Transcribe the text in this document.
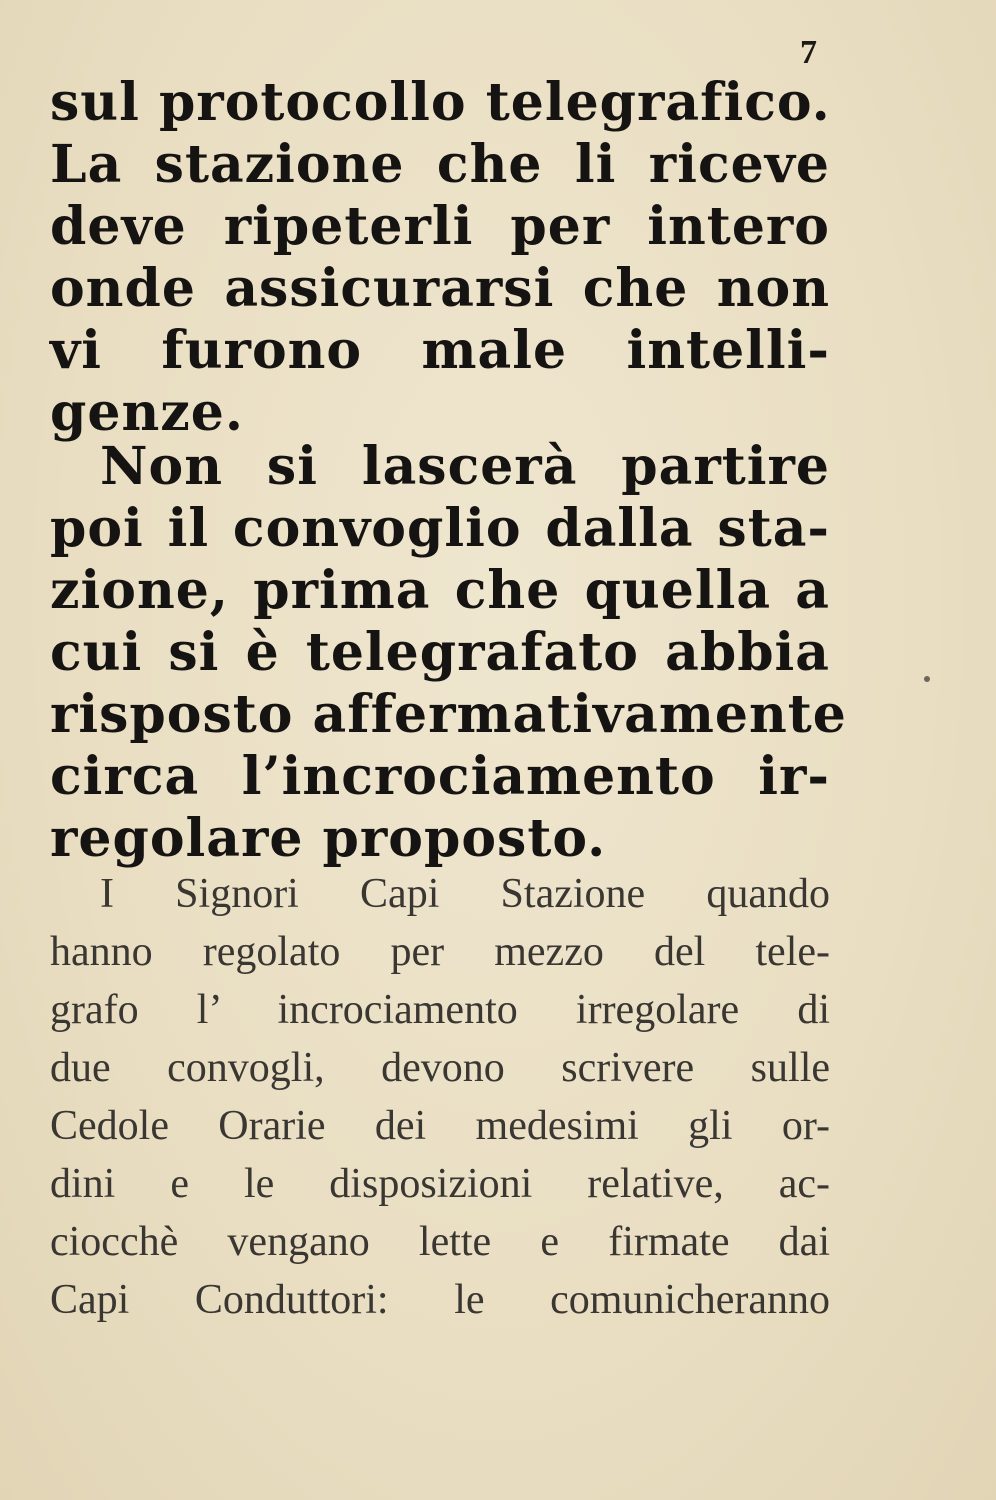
7
sul protocollo telegrafico.
La stazione che li riceve
deve ripeterli per intero
onde assicurarsi che non
vi furono male intelli-
genze.
Non si lascerà partire
poi il convoglio dalla sta-
zione, prima che quella a
cui si è telegrafato abbia
risposto affermativamente
circa l’incrociamento ir-
regolare proposto.
I Signori Capi Stazione quando
hanno regolato per mezzo del tele-
grafo l’ incrociamento irregolare di
due convogli, devono scrivere sulle
Cedole Orarie dei medesimi gli or-
dini e le disposizioni relative, ac-
ciocchè vengano lette e firmate dai
Capi Conduttori: le comunicheranno
